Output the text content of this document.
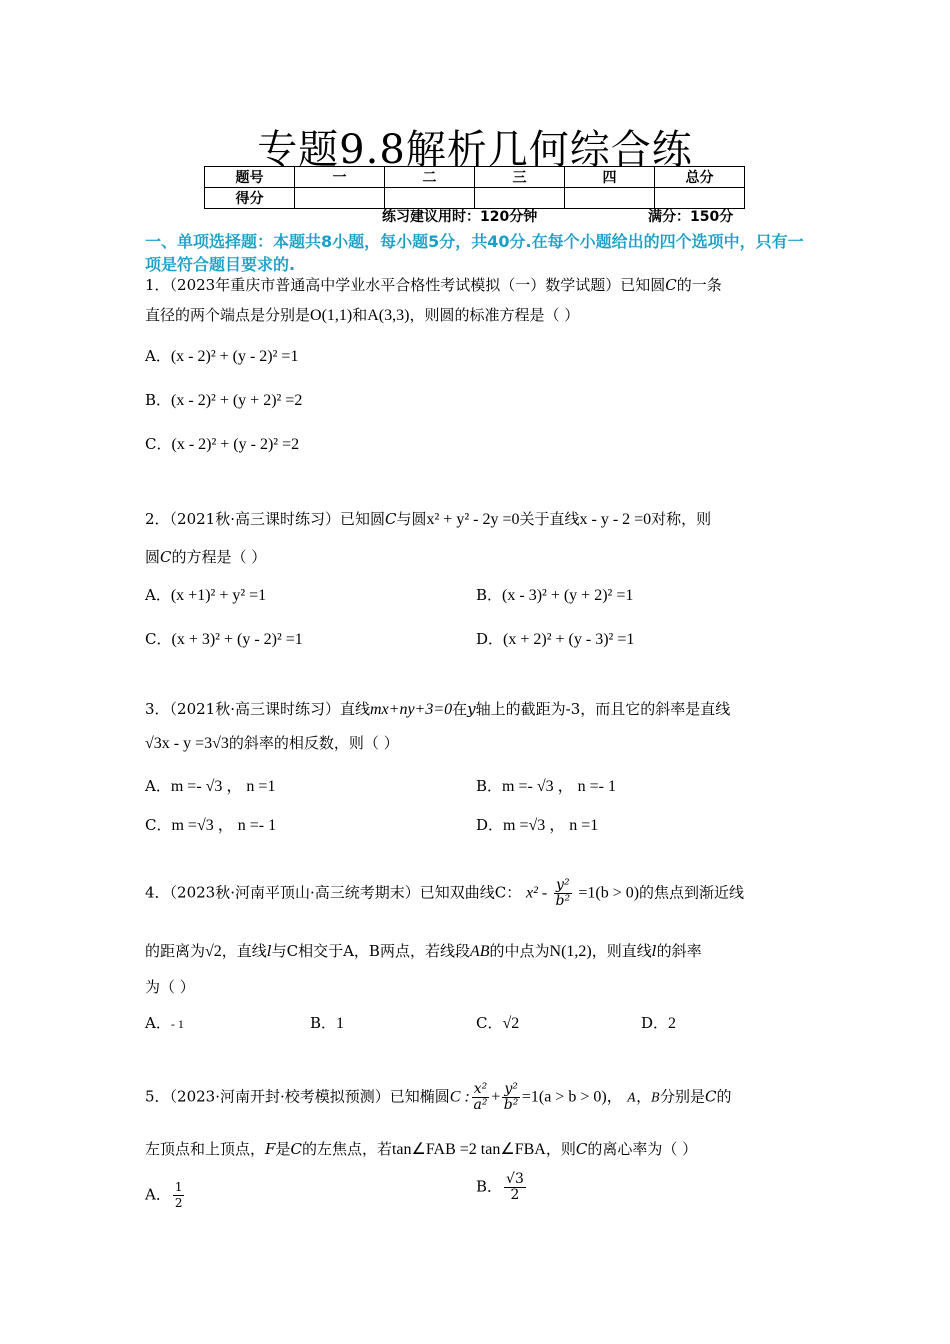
专题9.8解析几何综合练
题号	一	二	三	四	总分
得分					
练习建议用时：120分钟	满分：150分
一、单项选择题：本题共8小题，每小题5分，共40分.在每个小题给出的四个选项中，只有一项是符合题目要求的.
1．（2023年重庆市普通高中学业水平合格性考试模拟（一）数学试题）已知圆C的一条
直径的两个端点是分别是O(1,1)和A(3,3)，则圆的标准方程是（ ）
A．(x - 2)² + (y - 2)² =1
B．(x - 2)² + (y + 2)² =2
C．(x - 2)² + (y - 2)² =2
2．（2021秋·高三课时练习）已知圆C与圆x² + y² - 2y =0关于直线x - y - 2 =0对称，则
圆C的方程是（ ）
A．(x +1)² + y² =1	B．(x - 3)² + (y + 2)² =1
C．(x + 3)² + (y - 2)² =1	D．(x + 2)² + (y - 3)² =1
3．（2021秋·高三课时练习）直线mx+ny+3=0在y轴上的截距为-3，而且它的斜率是直线
√3x - y =3√3的斜率的相反数，则（ ）
A．m =- √3 ， n =1	B．m =- √3 ， n =- 1
C．m =√3 ， n =- 1	D．m =√3 ， n =1
4．（2023秋·河南平顶山·高三统考期末）已知双曲线C： $x^2 - \frac{\text{y²}}{\text{b²}} =1(b > 0)$的焦点到渐近线
的距离为√2，直线l与C相交于A，B两点，若线段AB的中点为N(1,2)，则直线l的斜率
为（ ）
A．- 1	B．1	C．√2	D．2
5．（2023·河南开封·校考模拟预测）已知椭圆C : $\frac{\text{x²}}{\text{a²}} + \frac{\text{y²}}{\text{b²}} =1(a > b > 0)$， A，B分别是C的
左顶点和上顶点，F是C的左焦点，若tan∠FAB =2 tan∠FBA，则C的离心率为（ ）
A． $\frac{1}{2}$	B． $\frac{√3}{2}$
